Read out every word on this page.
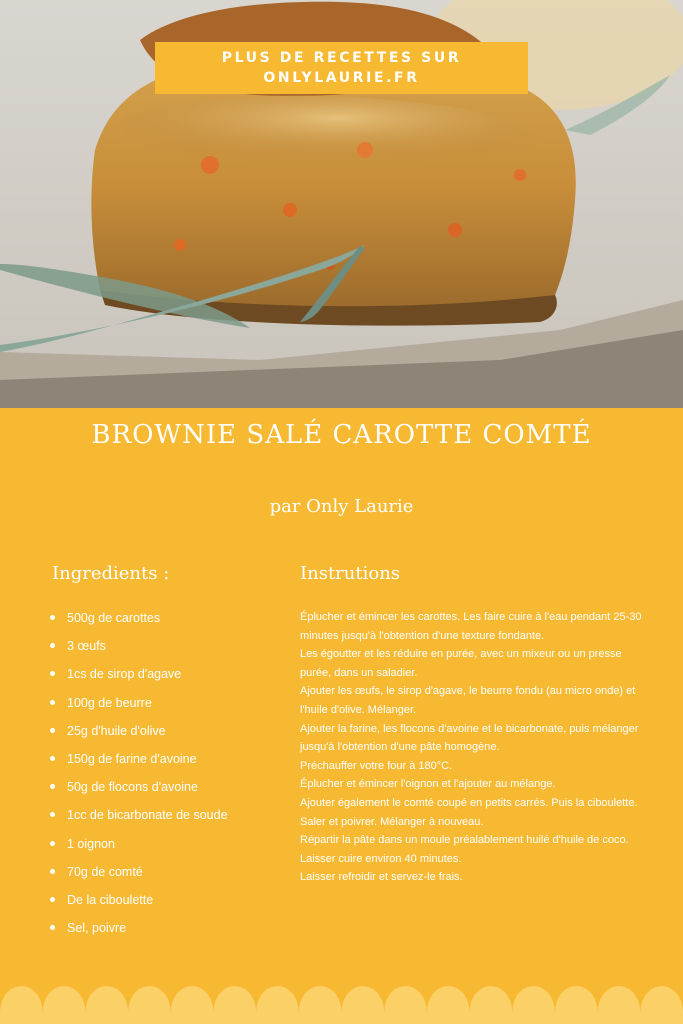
PLUS DE RECETTES SUR
ONLYLAURIE.FR
BROWNIE SALÉ CAROTTE COMTÉ
par Only Laurie
Ingredients :	Instrutions
500g de carottes
3 œufs
1cs de sirop d'agave
100g de beurre
25g d'huile d'olive
150g de farine d'avoine
50g de flocons d'avoine
1cc de bicarbonate de soude
1 oignon
70g de comté
De la ciboulette
Sel, poivre

Éplucher et émincer les carottes. Les faire cuire à l'eau pendant 25-30 minutes jusqu'à l'obtention d'une texture fondante.

Les égoutter et les réduire en purée, avec un mixeur ou un presse purée, dans un saladier.

Ajouter les œufs, le sirop d'agave, le beurre fondu (au micro onde) et l'huile d'olive. Mélanger.

Ajouter la farine, les flocons d'avoine et le bicarbonate, puis mélanger jusqu'à l'obtention d'une pâte homogène.

Préchauffer votre four à 180°C.

Éplucher et émincer l'oignon et l'ajouter au mélange.

Ajouter également le comté coupé en petits carrés. Puis la ciboulette.

Saler et poivrer. Mélanger à nouveau.

Répartir la pâte dans un moule préalablement huilé d'huile de coco. Laisser cuire environ 40 minutes.

Laisser refroidir et servez-le frais.
